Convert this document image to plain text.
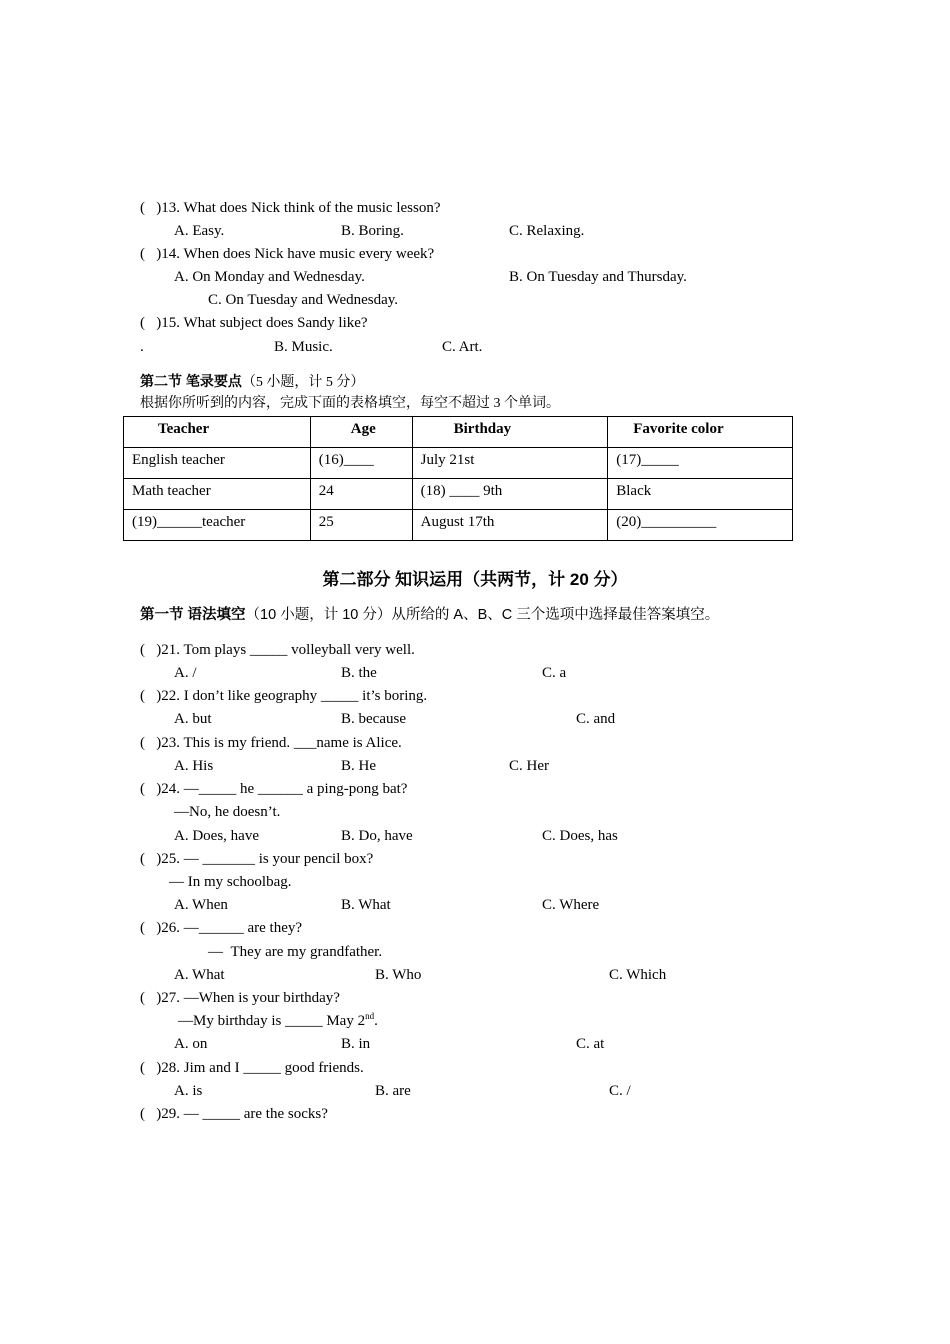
(   )13. What does Nick think of the music lesson?
A. Easy.	B. Boring.	C. Relaxing.
(   )14. When does Nick have music every week?
A. On Monday and Wednesday.	B. On Tuesday and Thursday.
C. On Tuesday and Wednesday.
(   )15. What subject does Sandy like?
.	B. Music.	C. Art.
第二节 笔录要点（5 小题，计 5 分）
根据你所听到的内容，完成下面的表格填空，每空不超过 3 个单词。
Teacher	Age	Birthday	Favorite color
English teacher	(16)____	July 21st	(17)_____
Math teacher	24	(18) ____ 9th	Black
(19)______teacher	25	August 17th	(20)__________
第二部分 知识运用（共两节，计 20 分）
第一节 语法填空（10 小题，计 10 分）从所给的 A、B、C 三个选项中选择最佳答案填空。
(   )21. Tom plays _____ volleyball very well.
A. /	B. the	C. a
(   )22. I don’t like geography _____ it’s boring.
A. but	B. because	C. and
(   )23. This is my friend. ___name is Alice.
A. His	B. He	C. Her
(   )24. —_____ he ______ a ping-pong bat?
—No, he doesn’t.
A. Does, have	B. Do, have	C. Does, has
(   )25. — _______ is your pencil box?
— In my schoolbag.
A. When	B. What	C. Where
(   )26. —______ are they?
—  They are my grandfather.
A. What	B. Who	C. Which
(   )27. —When is your birthday?
—My birthday is _____ May 2nd.
A. on	B. in	C. at
(   )28. Jim and I _____ good friends.
A. is	B. are	C. /
(   )29. — _____ are the socks?
